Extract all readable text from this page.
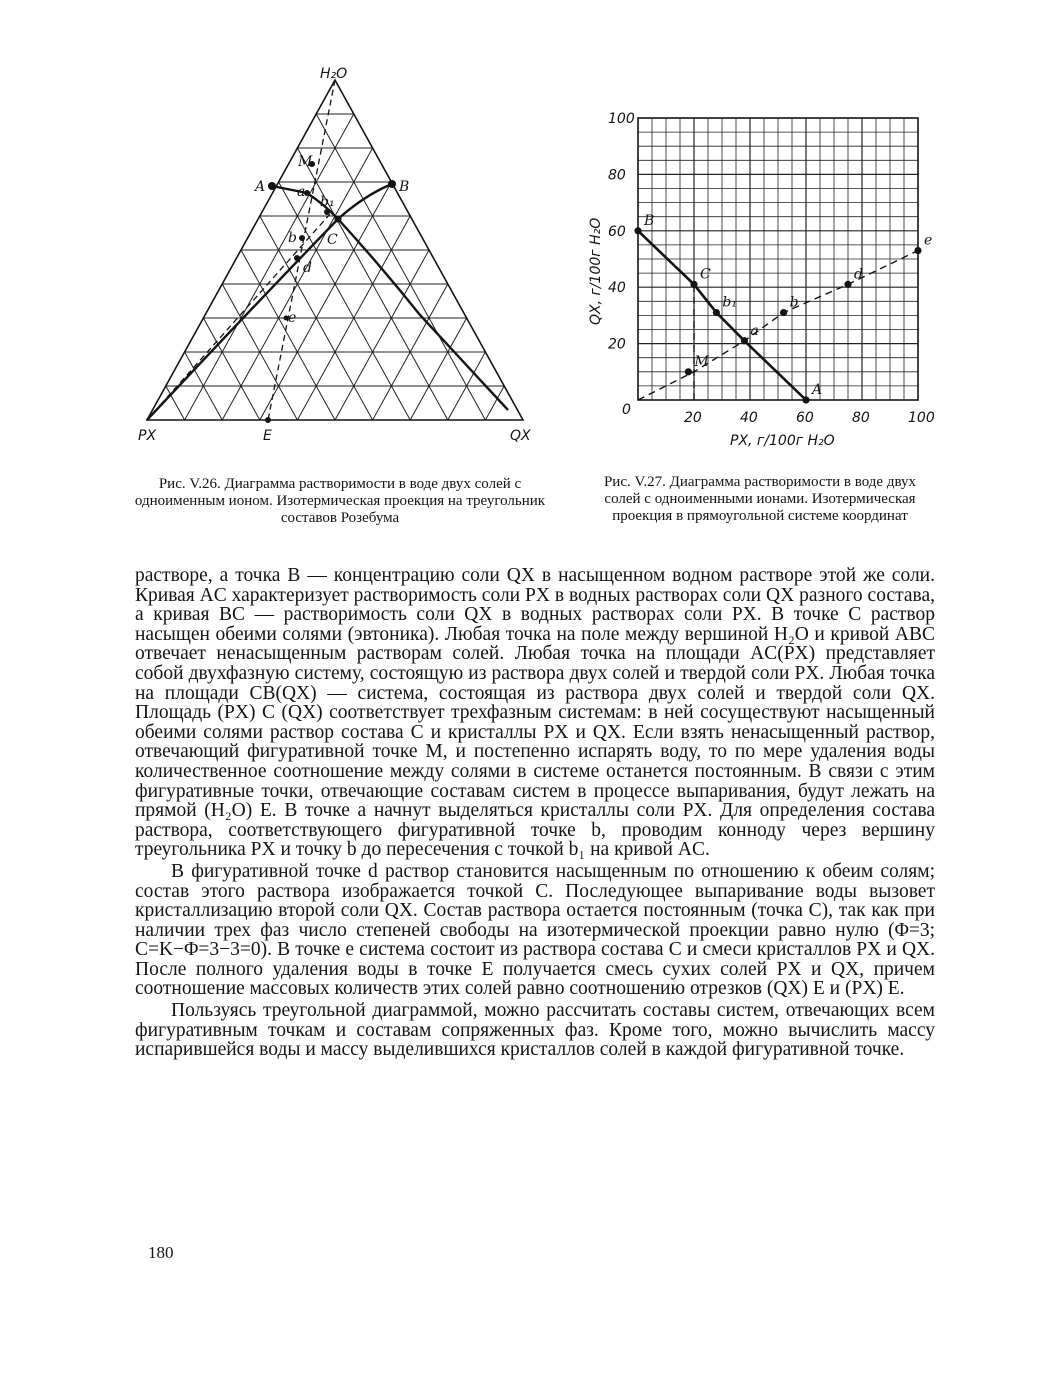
H₂O
PX	QX
E
A	B
M
a
b₁
b C
d
e
0	20	40	60	80	100
20
40
60
80
100
B
C
b₁
a
A
M
b
d
e
PX, г/100г H₂O
QX, г/100г H₂O
Рис. V.26. Диаграмма растворимости в воде двух солей с одноименным ионом. Изотермическая проекция на треугольник составов Розебума
Рис. V.27. Диаграмма растворимости в воде двух солей с одноименными ионами. Изотермическая проекция в прямоугольной системе координат

растворе, а точка B — концентрацию соли QX в насыщенном водном растворе этой же соли. Кривая AC характеризует растворимость соли PX в водных растворах соли QX разного состава, а кривая BC — растворимость соли QX в водных растворах соли PX. В точке C раствор насыщен обеими солями (эвтоника). Любая точка на поле между вершиной H₂O и кривой ABC отвечает ненасыщенным растворам солей. Любая точка на площади AC(PX) представляет собой двухфазную систему, состоящую из раствора двух солей и твердой соли PX. Любая точка на площади CB(QX) — система, состоящая из раствора двух солей и твердой соли QX. Площадь (PX) C (QX) соответствует трехфазным системам: в ней сосуществуют насыщенный обеими солями раствор состава C и кристаллы PX и QX. Если взять ненасыщенный раствор, отвечающий фигуративной точке M, и постепенно испарять воду, то по мере удаления воды количественное соотношение между солями в системе останется постоянным. В связи с этим фигуративные точки, отвечающие составам систем в процессе выпаривания, будут лежать на прямой (H₂O) E. В точке a начнут выделяться кристаллы соли PX. Для определения состава раствора, соответствующего фигуративной точке b, проводим конноду через вершину треугольника PX и точку b до пересечения с точкой b₁ на кривой AC.

В фигуративной точке d раствор становится насыщенным по отношению к обеим солям; состав этого раствора изображается точкой C. Последующее выпаривание воды вызовет кристаллизацию второй соли QX. Состав раствора остается постоянным (точка C), так как при наличии трех фаз число степеней свободы на изотермической проекции равно нулю (Φ=3; C=K−Φ=3−3=0). В точке e система состоит из раствора состава C и смеси кристаллов PX и QX. После полного удаления воды в точке E получается смесь сухих солей PX и QX, причем соотношение массовых количеств этих солей равно соотношению отрезков (QX) E и (PX) E.

Пользуясь треугольной диаграммой, можно рассчитать составы систем, отвечающих всем фигуративным точкам и составам сопряженных фаз. Кроме того, можно вычислить массу испарившейся воды и массу выделившихся кристаллов солей в каждой фигуративной точке.

180
